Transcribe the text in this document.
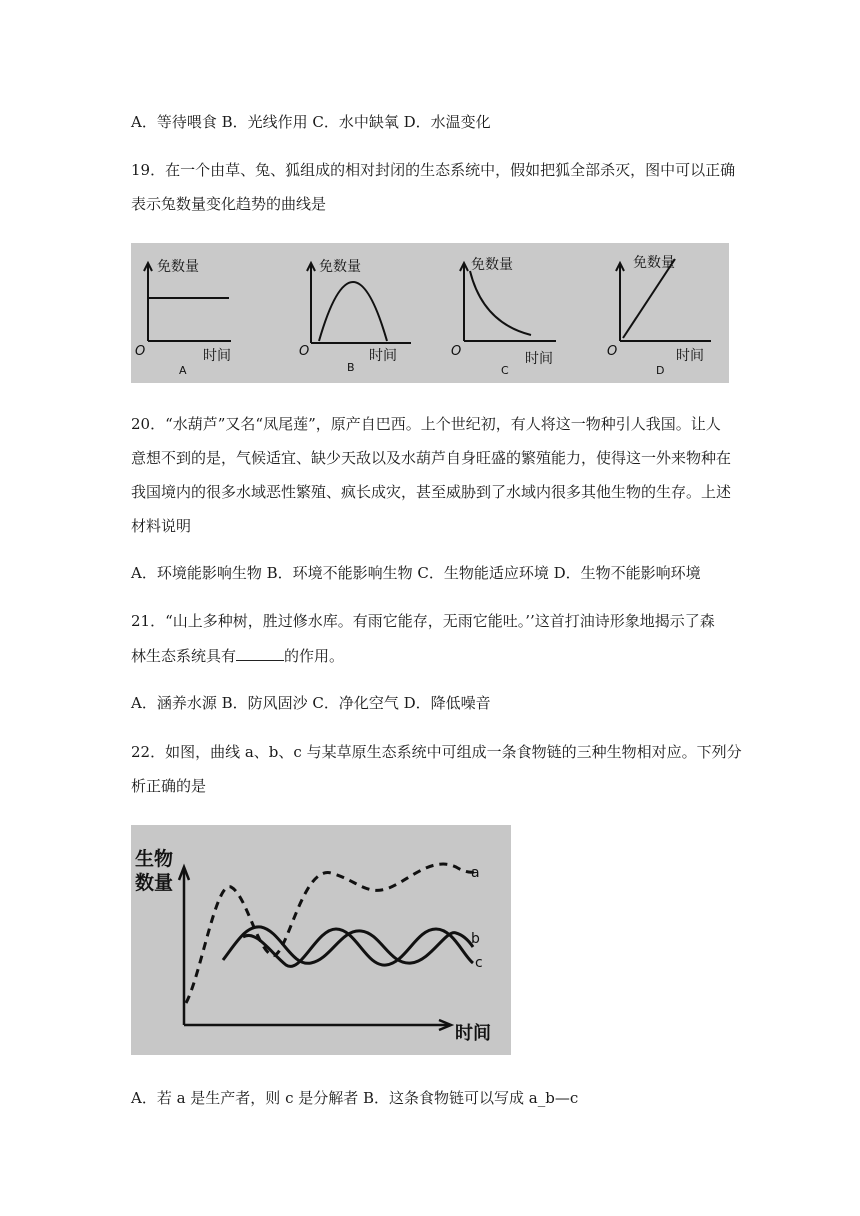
A．等待喂食 B．光线作用 C．水中缺氧 D．水温变化
19．在一个由草、兔、狐组成的相对封闭的生态系统中，假如把狐全部杀灭，图中可以正确
表示兔数量变化趋势的曲线是
免数量
O	时间
A
免数量
O	时间
B
免数量
O	时间
C
免数量
O	时间
D
20．“水葫芦”又名“凤尾莲”，原产自巴西。上个世纪初，有人将这一物种引人我国。让人
意想不到的是，气候适宜、缺少天敌以及水葫芦自身旺盛的繁殖能力，使得这一外来物种在
我国境内的很多水域恶性繁殖、疯长成灾，甚至威胁到了水域内很多其他生物的生存。上述
材料说明
A．环境能影响生物 B．环境不能影响生物 C．生物能适应环境 D．生物不能影响环境
21．“山上多种树，胜过修水库。有雨它能存，无雨它能吐。’’这首打油诗形象地揭示了森
林生态系统具有	的作用。
A．涵养水源 B．防风固沙 C．净化空气 D．降低噪音
22．如图，曲线 a、b、c 与某草原生态系统中可组成一条食物链的三种生物相对应。下列分
析正确的是
生物
数量
时间
a
b
c
A．若 a 是生产者，则 c 是分解者 B．这条食物链可以写成 a_b—c
